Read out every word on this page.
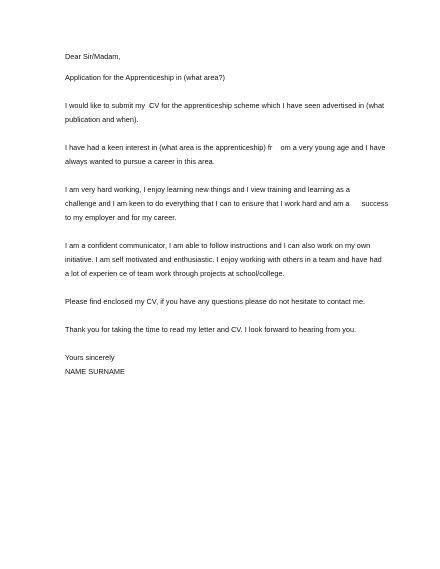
Dear Sir/Madam,
Application for the Apprenticeship in (what area?)
I would like to submit my  CV for the apprenticeship scheme which I have seen advertised in (what
publication and when).
I have had a keen interest in (what area is the apprenticeship) fr    om a very young age and I have
always wanted to pursue a career in this area.
I am very hard working, I enjoy learning new things and I view training and learning as a
challenge and I am keen to do everything that I can to ensure that I work hard and am a      success
to my employer and for my career.
I am a confident communicator, I am able to follow instructions and I can also work on my own
initiative. I am self motivated and enthusiastic. I enjoy working with others in a team and have had
a lot of experien ce of team work through projects at school/college.
Please find enclosed my CV, if you have any questions please do not hesitate to contact me.
Thank you for taking the time to read my letter and CV. I look forward to hearing from you.
Yours sincerely
NAME SURNAME
